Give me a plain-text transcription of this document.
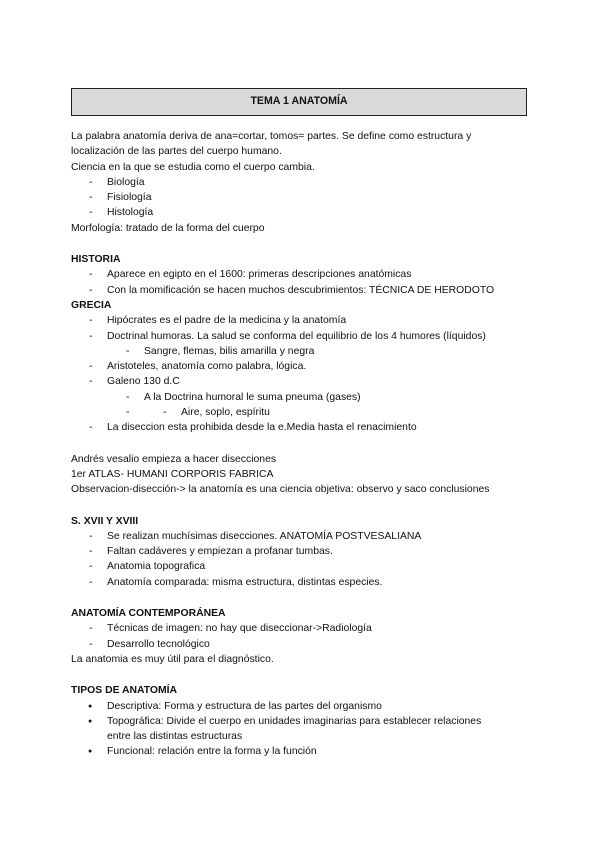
TEMA 1 ANATOMÍA
La palabra anatomía deriva de ana=cortar, tomos= partes. Se define como estructura y
localización de las partes del cuerpo humano.
Ciencia en la que se estudia como el cuerpo cambia.
- Biología
- Fisiología
- Histología
Morfología: tratado de la forma del cuerpo
HISTORIA
- Aparece en egipto en el 1600: primeras descripciones anatómicas
- Con la momificación se hacen muchos descubrimientos: TÉCNICA DE HERODOTO
GRECIA
- Hipócrates es el padre de la medicina y la anatomía
- Doctrinal humoras. La salud se conforma del equilibrio de los 4 humores (líquidos)
- Sangre, flemas, bilis amarilla y negra
- Aristoteles, anatomía como palabra, lógica.
- Galeno 130 d.C
- A la Doctrina humoral le suma pneuma (gases)
- - Aire, soplo, espíritu
- La diseccion esta prohibida desde la e.Media hasta el renacimiento
Andrés vesalio empieza a hacer disecciones
1er ATLAS- HUMANI CORPORIS FABRICA
Observacion-disección-> la anatomía es una ciencia objetiva: observo y saco conclusiones
S. XVII Y XVIII
- Se realizan muchísimas disecciones. ANATOMÍA POSTVESALIANA
- Faltan cadáveres y empiezan a profanar tumbas.
- Anatomia topografica
- Anatomía comparada: misma estructura, distintas especies.
ANATOMÍA CONTEMPORÁNEA
- Técnicas de imagen: no hay que diseccionar->Radiología
- Desarrollo tecnológico
La anatomia es muy útil para el diagnóstico.
TIPOS DE ANATOMÍA
● Descriptiva: Forma y estructura de las partes del organismo
● Topográfica: Divide el cuerpo en unidades imaginarias para establecer relaciones
entre las distintas estructuras
● Funcional: relación entre la forma y la función
